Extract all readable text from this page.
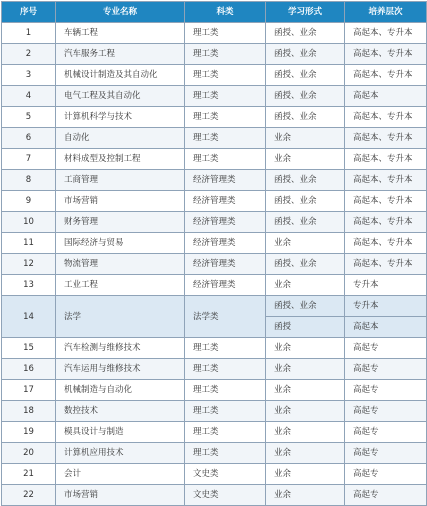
序号	专业名称	科类	学习形式	培养层次
1	车辆工程	理工类	函授、业余	高起本、专升本
2	汽车服务工程	理工类	函授、业余	高起本、专升本
3	机械设计制造及其自动化	理工类	函授、业余	高起本、专升本
4	电气工程及其自动化	理工类	函授、业余	高起本
5	计算机科学与技术	理工类	函授、业余	高起本、专升本
6	自动化	理工类	业余	高起本、专升本
7	材料成型及控制工程	理工类	业余	高起本、专升本
8	工商管理	经济管理类	函授、业余	高起本、专升本
9	市场营销	经济管理类	函授、业余	高起本、专升本
10	财务管理	经济管理类	函授、业余	高起本、专升本
11	国际经济与贸易	经济管理类	业余	高起本、专升本
12	物流管理	经济管理类	函授、业余	高起本、专升本
13	工业工程	经济管理类	业余	专升本
14	法学	法学类	函授、业余	专升本
			函授	高起本
15	汽车检测与维修技术	理工类	业余	高起专
16	汽车运用与维修技术	理工类	业余	高起专
17	机械制造与自动化	理工类	业余	高起专
18	数控技术	理工类	业余	高起专
19	模具设计与制造	理工类	业余	高起专
20	计算机应用技术	理工类	业余	高起专
21	会计	文史类	业余	高起专
22	市场营销	文史类	业余	高起专
